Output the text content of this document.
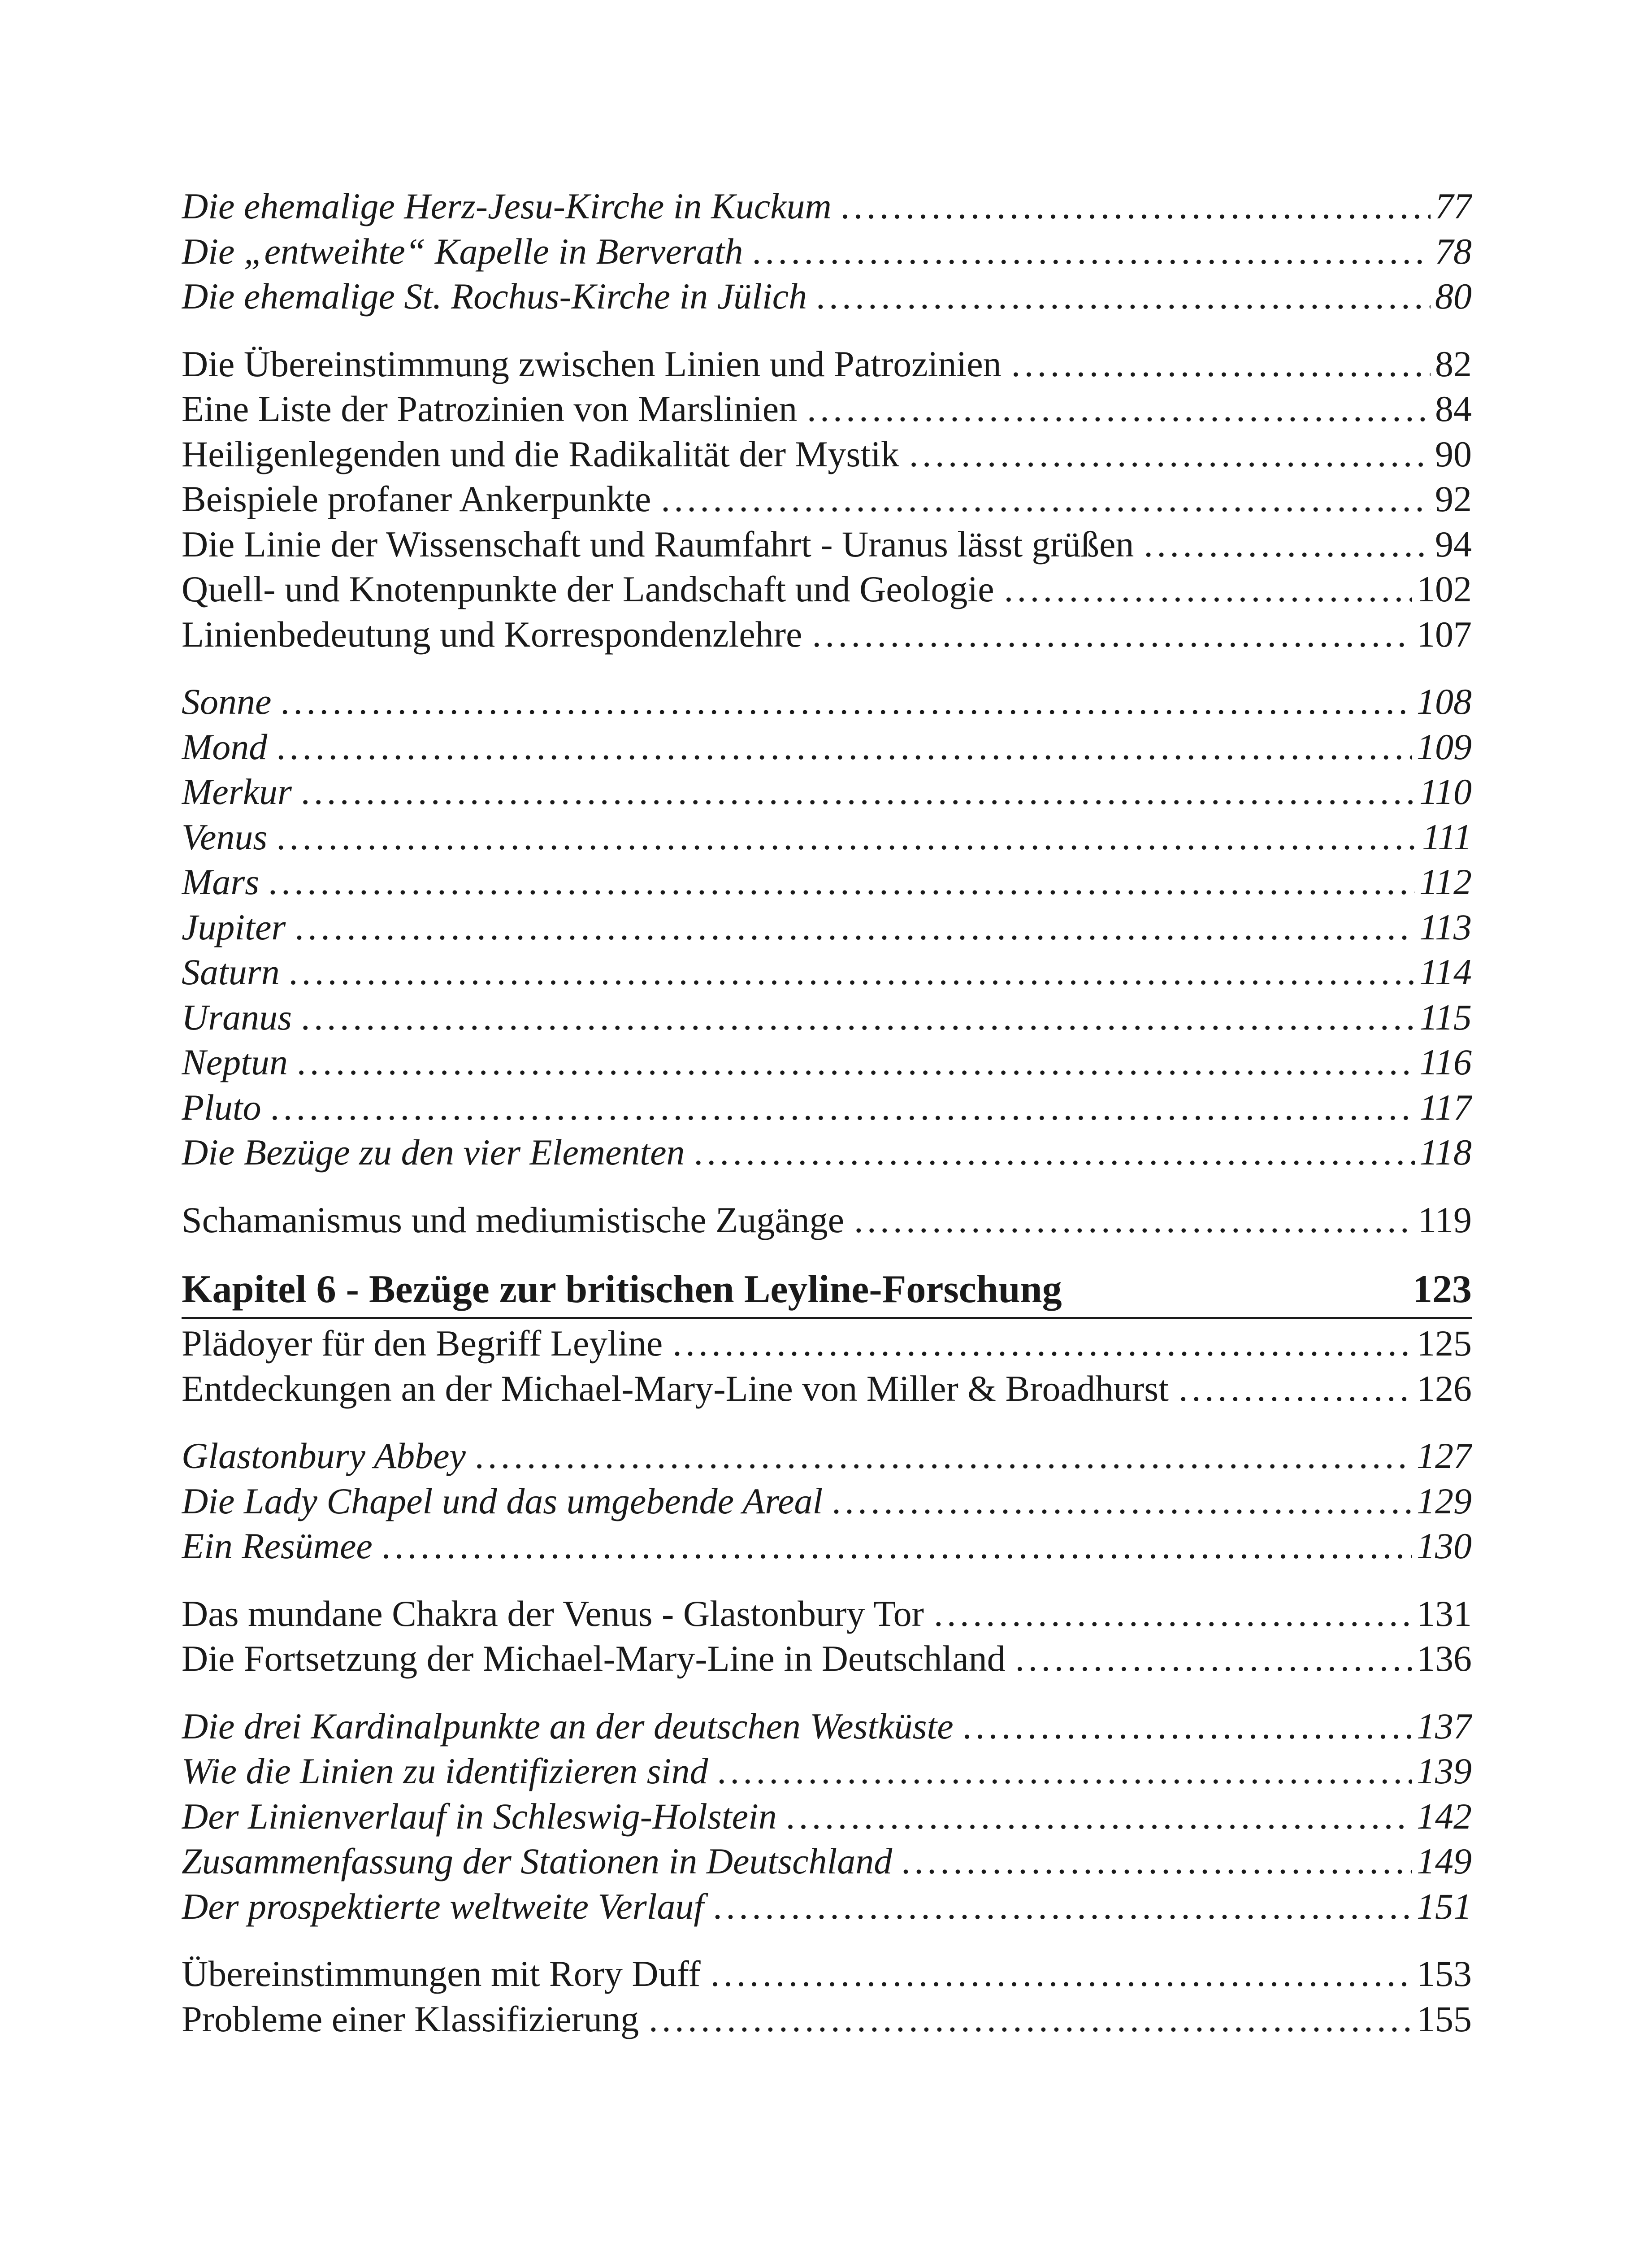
Die ehemalige Herz-Jesu-Kirche in Kuckum . . .	77
Die „entweihte“ Kapelle in Berverath . . .	78
Die ehemalige St. Rochus-Kirche in Jülich . . .	80
Die Übereinstimmung zwischen Linien und Patrozinien . . .	82
Eine Liste der Patrozinien von Marslinien . . .	84
Heiligenlegenden und die Radikalität der Mystik . . .	90
Beispiele profaner Ankerpunkte . . .	92
Die Linie der Wissenschaft und Raumfahrt - Uranus lässt grüßen . . .	94
Quell- und Knotenpunkte der Landschaft und Geologie . . .	102
Linienbedeutung und Korrespondenzlehre . . .	107
Sonne . . .	108
Mond . . .	109
Merkur . . .	110
Venus . . .	111
Mars . . .	112
Jupiter . . .	113
Saturn . . .	114
Uranus . . .	115
Neptun . . .	116
Pluto . . .	117
Die Bezüge zu den vier Elementen . . .	118
Schamanismus und mediumistische Zugänge . . .	119
Kapitel 6 - Bezüge zur britischen Leyline-Forschung	123
Plädoyer für den Begriff Leyline . . .	125
Entdeckungen an der Michael-Mary-Line von Miller & Broadhurst . . .	126
Glastonbury Abbey . . .	127
Die Lady Chapel und das umgebende Areal . . .	129
Ein Resümee . . .	130
Das mundane Chakra der Venus - Glastonbury Tor . . .	131
Die Fortsetzung der Michael-Mary-Line in Deutschland . . .	136
Die drei Kardinalpunkte an der deutschen Westküste . . .	137
Wie die Linien zu identifizieren sind . . .	139
Der Linienverlauf in Schleswig-Holstein . . .	142
Zusammenfassung der Stationen in Deutschland . . .	149
Der prospektierte weltweite Verlauf . . .	151
Übereinstimmungen mit Rory Duff . . .	153
Probleme einer Klassifizierung . . .	155
